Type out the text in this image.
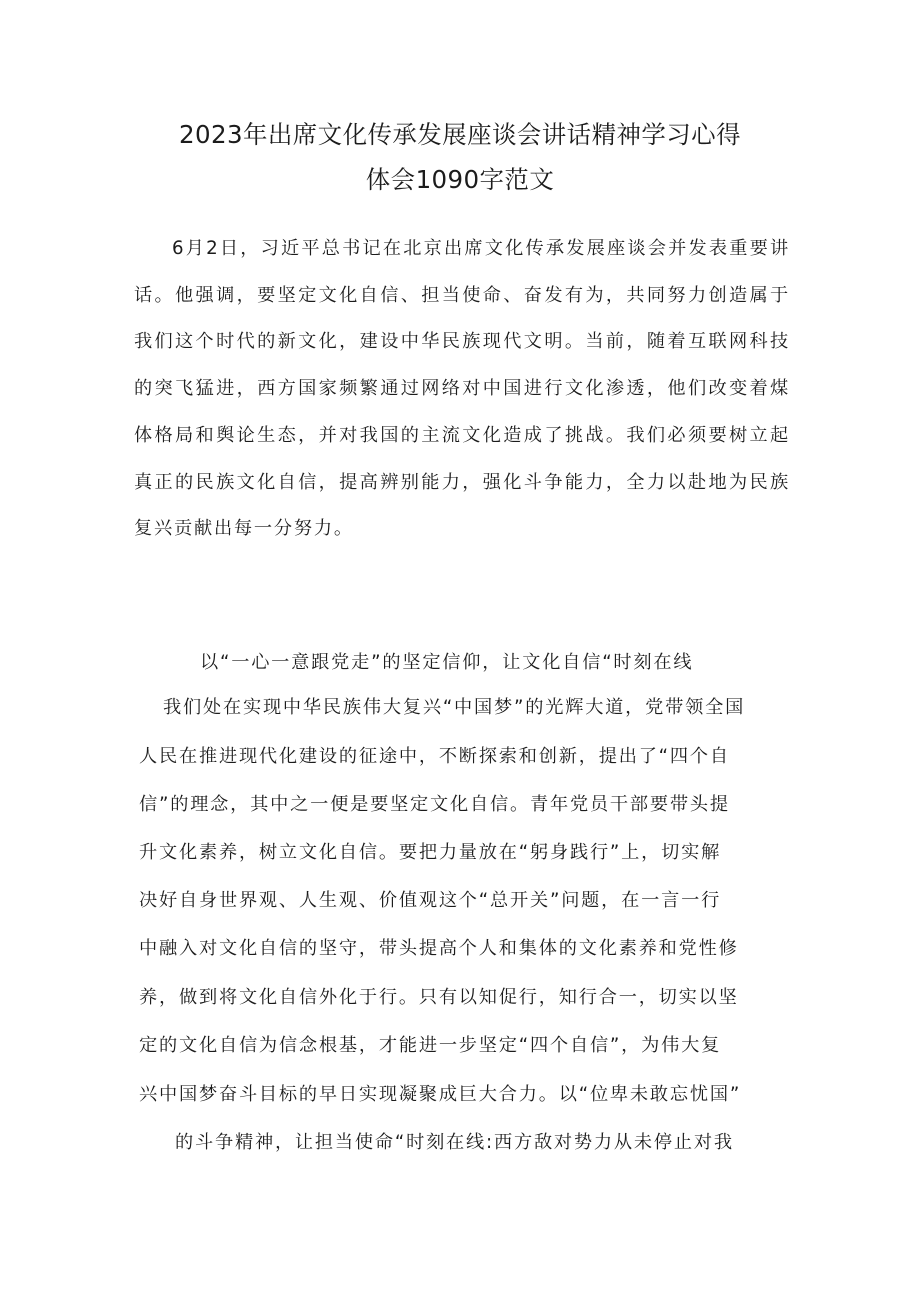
2023年出席文化传承发展座谈会讲话精神学习心得
体会1090字范文

6月2日，习近平总书记在北京出席文化传承发展座谈会并发表重要讲话。他强调，要坚定文化自信、担当使命、奋发有为，共同努力创造属于我们这个时代的新文化，建设中华民族现代文明。当前，随着互联网科技的突飞猛进，西方国家频繁通过网络对中国进行文化渗透，他们改变着煤体格局和舆论生态，并对我国的主流文化造成了挑战。我们必须要树立起真正的民族文化自信，提高辨别能力，强化斗争能力，全力以赴地为民族复兴贡献出每一分努力。

以“一心一意跟党走”的坚定信仰，让文化自信“时刻在线

我们处在实现中华民族伟大复兴“中国梦”的光辉大道，党带领全国
人民在推进现代化建设的征途中，不断探索和创新，提出了“四个自
信”的理念，其中之一便是要坚定文化自信。青年党员干部要带头提
升文化素养，树立文化自信。要把力量放在“躬身践行”上，切实解
决好自身世界观、人生观、价值观这个“总开关”问题，在一言一行
中融入对文化自信的坚守，带头提高个人和集体的文化素养和党性修
养，做到将文化自信外化于行。只有以知促行，知行合一，切实以坚
定的文化自信为信念根基，才能进一步坚定“四个自信”，为伟大复
兴中国梦奋斗目标的早日实现凝聚成巨大合力。以“位卑未敢忘忧国”
的斗争精神，让担当使命“时刻在线:西方敌对势力从未停止对我
